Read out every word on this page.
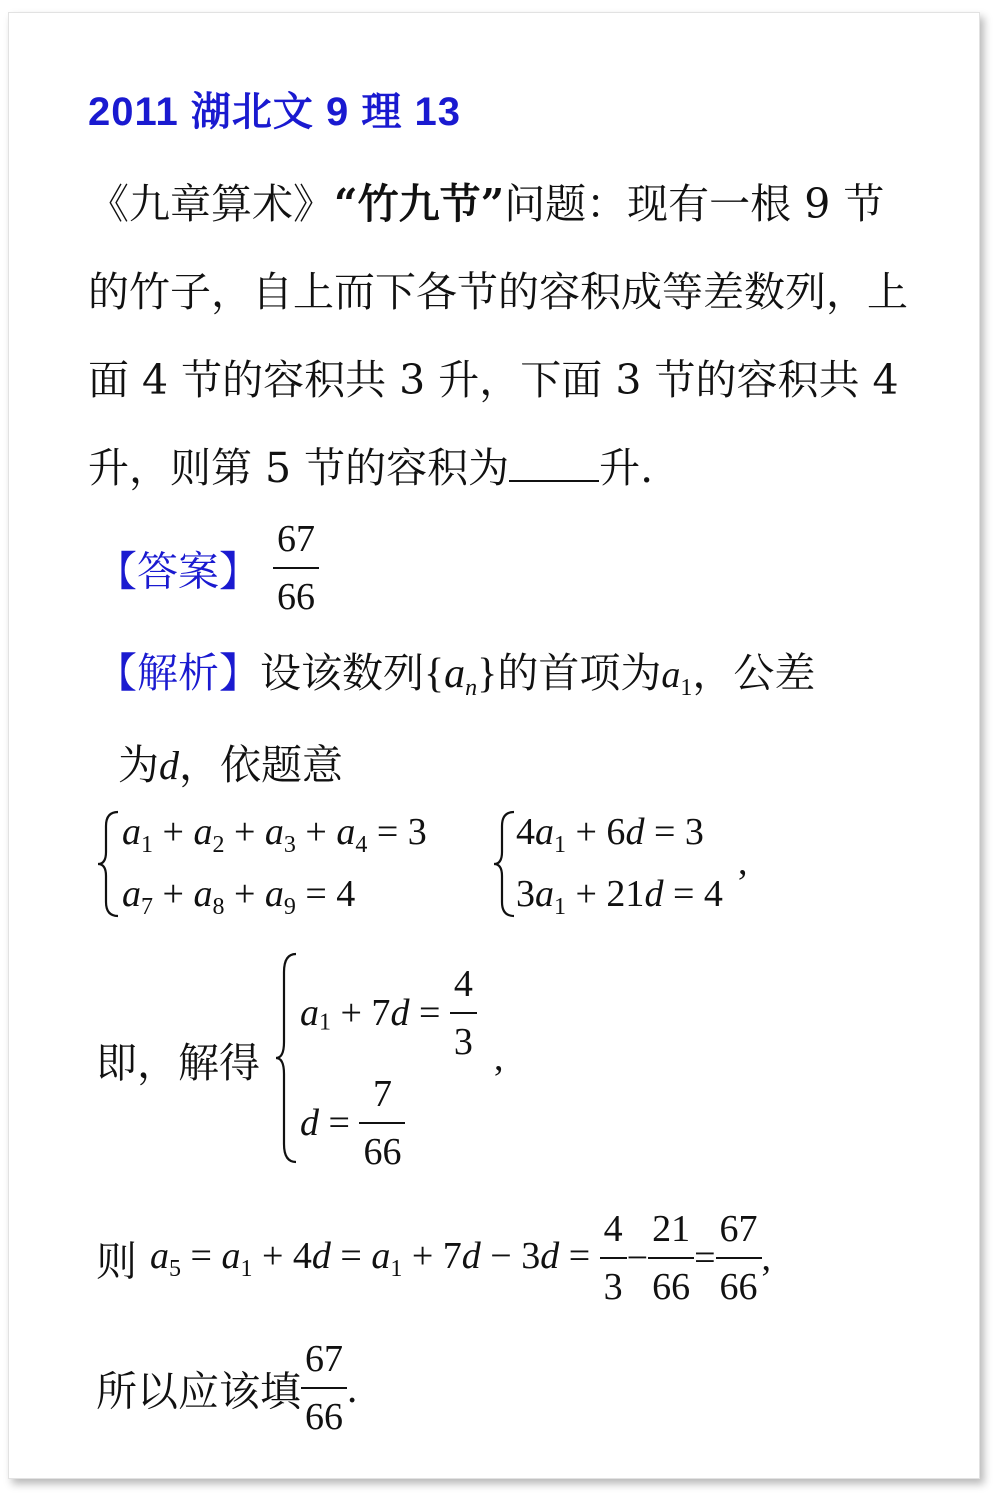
2011 湖北文 9 理 13
《九章算术》“竹九节”问题：现有一根 9 节的竹子，自上而下各节的容积成等差数列，上面 4 节的容积共 3 升，下面 3 节的容积共 4 升，则第 5 节的容积为 升.
【答案】 $\frac{67}{66}$
【解析】设该数列$\{a_n\}$的首项为$a_1$，公差
为d，依题意
$a_1 + a_2 + a_3 + a_4 = 3$
$a_7 + a_8 + a_9 = 4$
$4a_1 + 6d = 3$
$3a_1 + 21d = 4$
,
即，解得
$a_1 + 7d = \frac{4}{3}$
$d = \frac{7}{66}$
,
则 $a_5 = a_1 + 4d = a_1 + 7d - 3d = \frac{4}{3} - \frac{21}{66} = \frac{67}{66}$ ,
所以应该填 $\frac{67}{66}$ .
